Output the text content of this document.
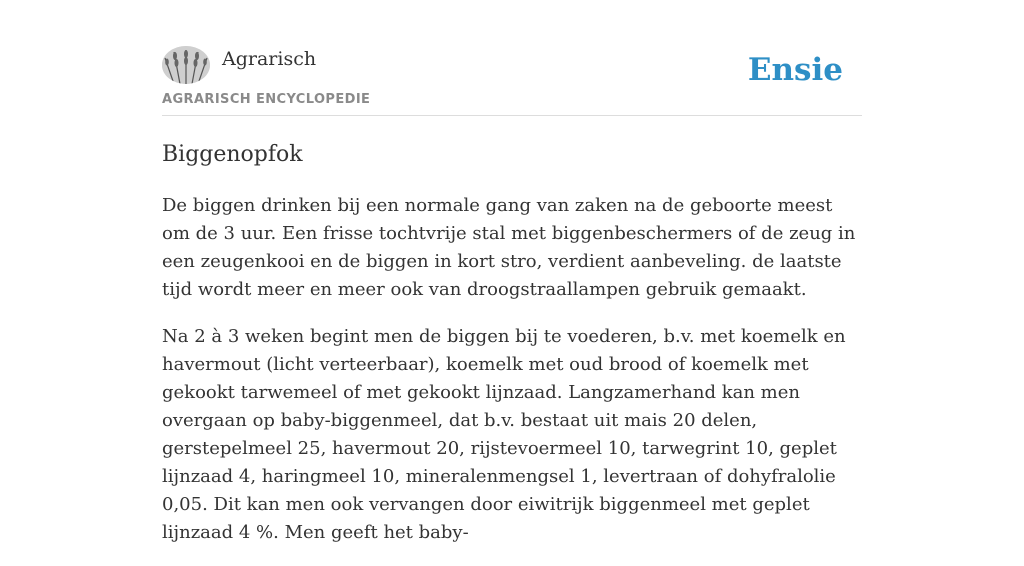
Agrarisch
AGRARISCH ENCYCLOPEDIE
Ensie
Biggenopfok

De biggen drinken bij een normale gang van zaken na de geboorte meest om de 3 uur. Een frisse tochtvrije stal met biggenbeschermers of de zeug in een zeugenkooi en de biggen in kort stro, verdient aanbeveling. de laatste tijd wordt meer en meer ook van droogstraallampen gebruik gemaakt.

Na 2 à 3 weken begint men de biggen bij te voederen, b.v. met koemelk en havermout (licht verteerbaar), koemelk met oud brood of koemelk met gekookt tarwemeel of met gekookt lijnzaad. Langzamerhand kan men overgaan op baby-biggenmeel, dat b.v. bestaat uit mais 20 delen, gerstepelmeel 25, havermout 20, rijstevoermeel 10, tarwegrint 10, geplet lijnzaad 4, haringmeel 10, mineralenmengsel 1, levertraan of dohyfralolie 0,05. Dit kan men ook vervangen door eiwitrijk biggenmeel met geplet lijnzaad 4 %. Men geeft het baby-
